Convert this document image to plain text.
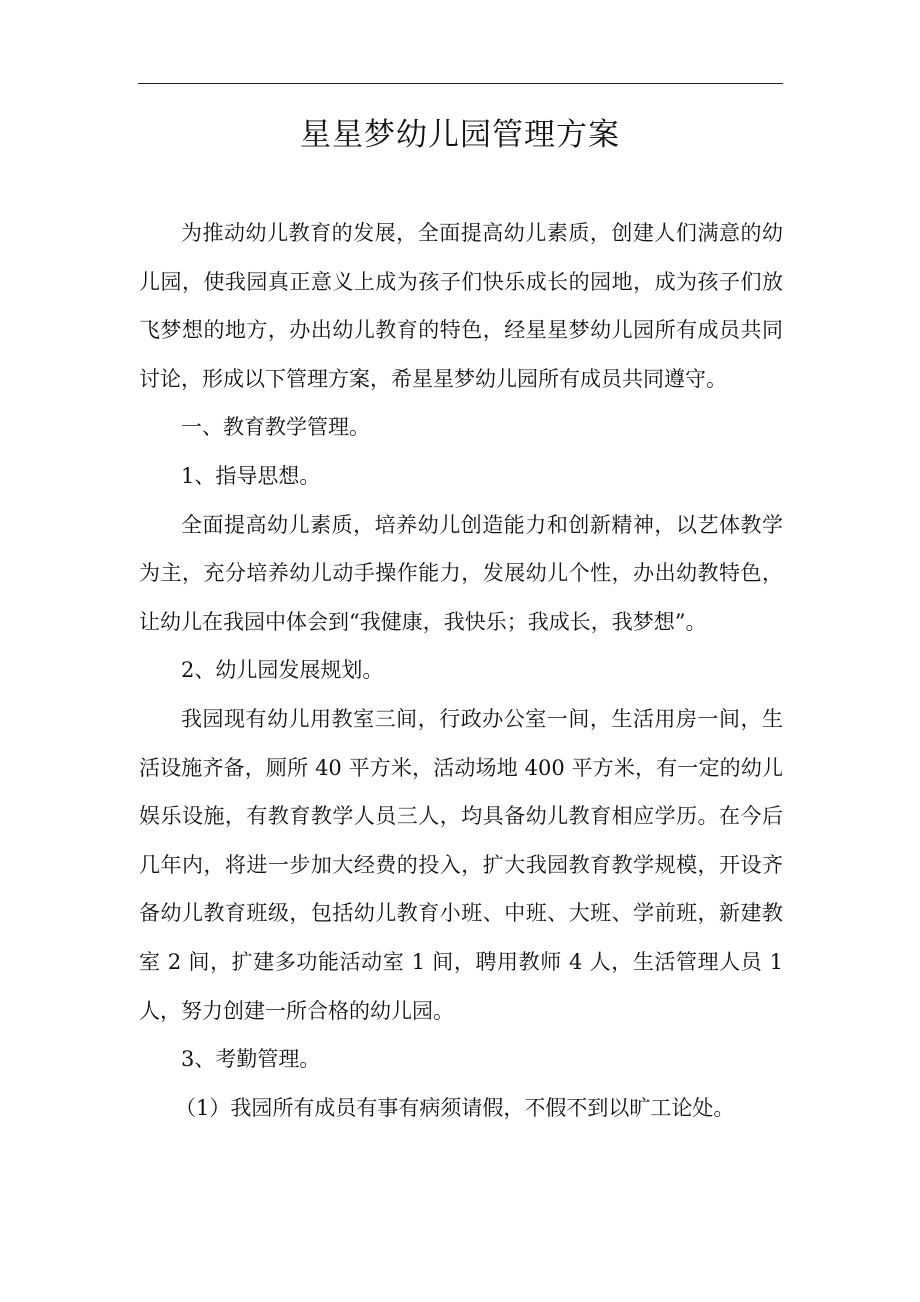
星星梦幼儿园管理方案

为推动幼儿教育的发展，全面提高幼儿素质，创建人们满意的幼儿园，使我园真正意义上成为孩子们快乐成长的园地，成为孩子们放飞梦想的地方，办出幼儿教育的特色，经星星梦幼儿园所有成员共同讨论，形成以下管理方案，希星星梦幼儿园所有成员共同遵守。

一、教育教学管理。

1、指导思想。

全面提高幼儿素质，培养幼儿创造能力和创新精神，以艺体教学为主，充分培养幼儿动手操作能力，发展幼儿个性，办出幼教特色，让幼儿在我园中体会到“我健康，我快乐；我成长，我梦想”。

2、幼儿园发展规划。

我园现有幼儿用教室三间，行政办公室一间，生活用房一间，生活设施齐备，厕所 40 平方米，活动场地 400 平方米，有一定的幼儿娱乐设施，有教育教学人员三人，均具备幼儿教育相应学历。在今后几年内，将进一步加大经费的投入，扩大我园教育教学规模，开设齐备幼儿教育班级，包括幼儿教育小班、中班、大班、学前班，新建教室 2 间，扩建多功能活动室 1 间，聘用教师 4 人，生活管理人员 1 人，努力创建一所合格的幼儿园。

3、考勤管理。

（1）我园所有成员有事有病须请假，不假不到以旷工论处。
